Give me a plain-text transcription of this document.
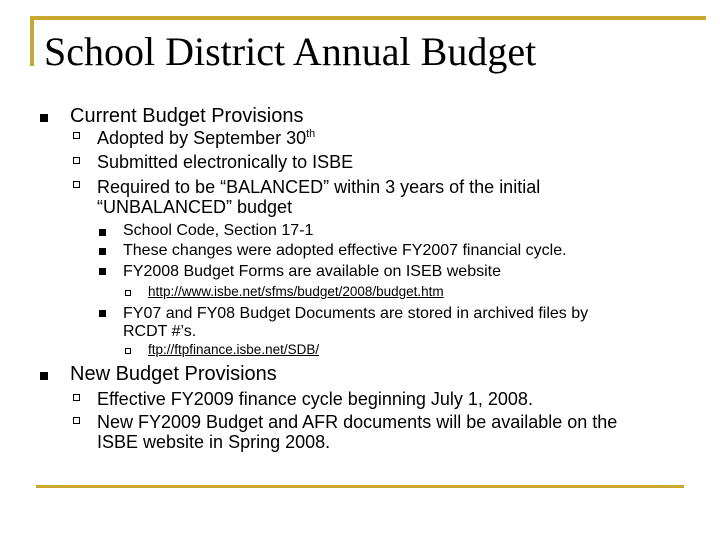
School District Annual Budget
Current Budget Provisions
Adopted by September 30th
Submitted electronically to ISBE
Required to be “BALANCED” within 3 years of the initial
“UNBALANCED” budget
School Code, Section 17-1
These changes were adopted effective FY2007 financial cycle.
FY2008 Budget Forms are available on ISEB website
http://www.isbe.net/sfms/budget/2008/budget.htm
FY07 and FY08 Budget Documents are stored in archived files by
RCDT #’s.
ftp://ftpfinance.isbe.net/SDB/
New Budget Provisions
Effective FY2009 finance cycle beginning July 1, 2008.
New FY2009 Budget and AFR documents will be available on the
ISBE website in Spring 2008.
